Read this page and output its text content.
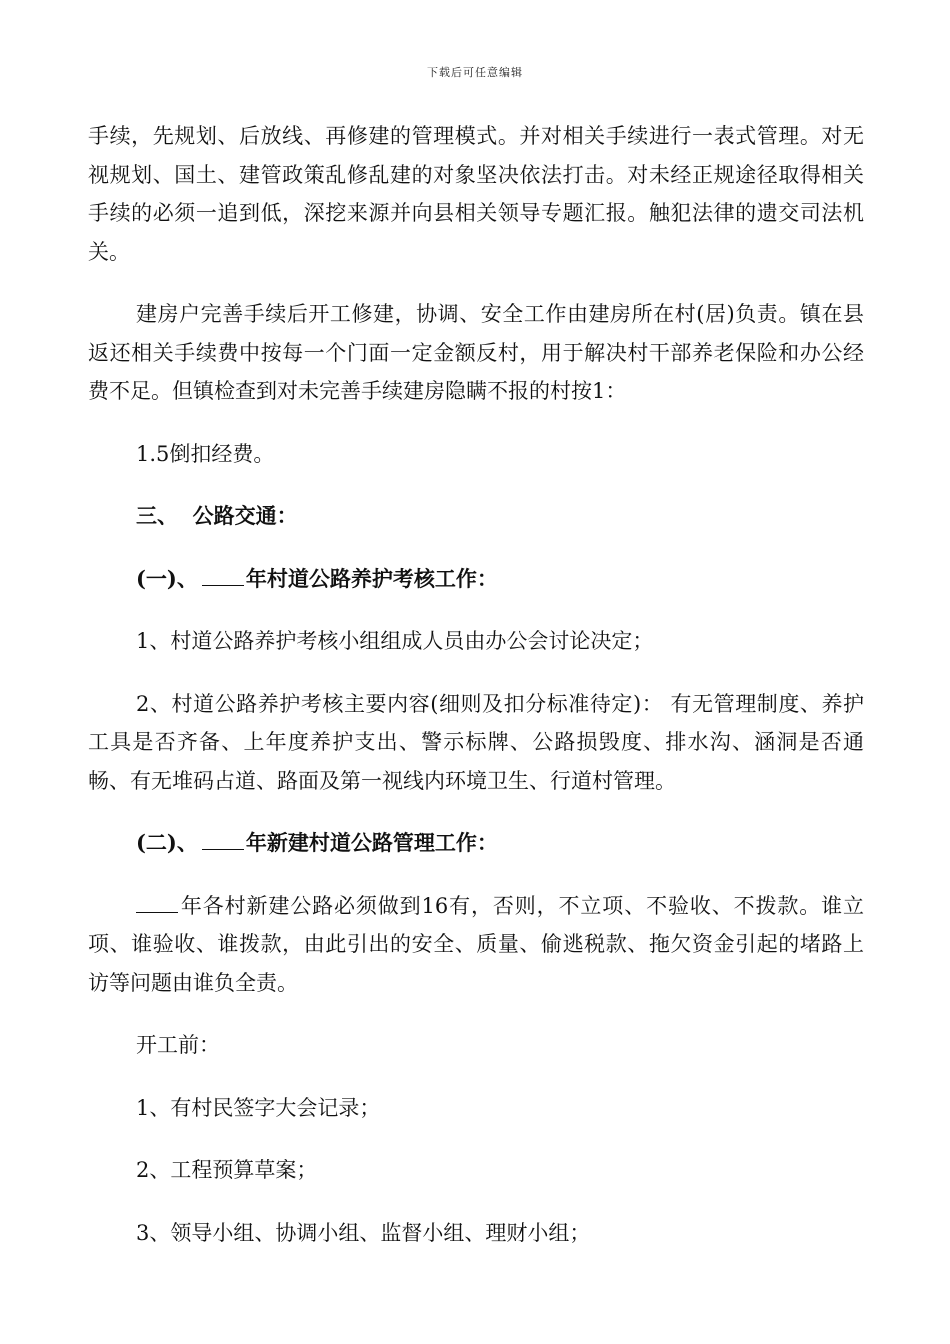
下载后可任意编辑

手续，先规划、后放线、再修建的管理模式。并对相关手续进行一表式管理。对无视规划、国土、建管政策乱修乱建的对象坚决依法打击。对未经正规途径取得相关手续的必须一追到低，深挖来源并向县相关领导专题汇报。触犯法律的遗交司法机关。

建房户完善手续后开工修建，协调、安全工作由建房所在村(居)负责。镇在县返还相关手续费中按每一个门面一定金额反村，用于解决村干部养老保险和办公经费不足。但镇检查到对未完善手续建房隐瞒不报的村按1：

1.5倒扣经费。

三、  公路交通：

(一)、 年村道公路养护考核工作：

1、村道公路养护考核小组组成人员由办公会讨论决定；

2、村道公路养护考核主要内容(细则及扣分标准待定)： 有无管理制度、养护工具是否齐备、上年度养护支出、警示标牌、公路损毁度、排水沟、涵洞是否通畅、有无堆码占道、路面及第一视线内环境卫生、行道村管理。

(二)、 年新建村道公路管理工作：

年各村新建公路必须做到16有，否则，不立项、不验收、不拨款。谁立项、谁验收、谁拨款，由此引出的安全、质量、偷逃税款、拖欠资金引起的堵路上访等问题由谁负全责。

开工前：

1、有村民签字大会记录；

2、工程预算草案；

3、领导小组、协调小组、监督小组、理财小组；
